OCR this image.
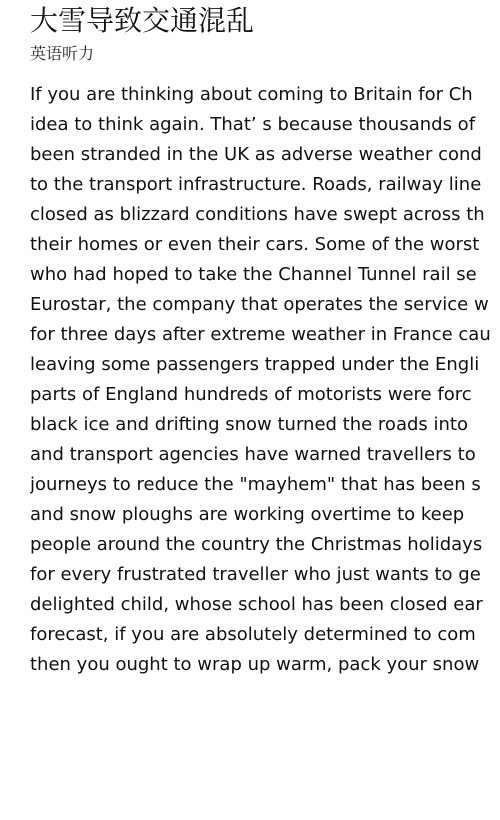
大雪导致交通混乱
英语听力
If you are thinking about coming to Britain for Ch
idea to think again. That’ s because thousands of
been stranded in the UK as adverse weather cond
to the transport infrastructure. Roads, railway line
closed as blizzard conditions have swept across th
their homes or even their cars. Some of the worst
who had hoped to take the Channel Tunnel rail se
Eurostar, the company that operates the service w
for three days after extreme weather in France cau
leaving some passengers trapped under the Engli
parts of England hundreds of motorists were forc
black ice and drifting snow turned the roads into
and transport agencies have warned travellers to
journeys to reduce the "mayhem" that has been s
and snow ploughs are working overtime to keep
people around the country the Christmas holidays
for every frustrated traveller who just wants to ge
delighted child, whose school has been closed ear
forecast, if you are absolutely determined to com
then you ought to wrap up warm, pack your snow
